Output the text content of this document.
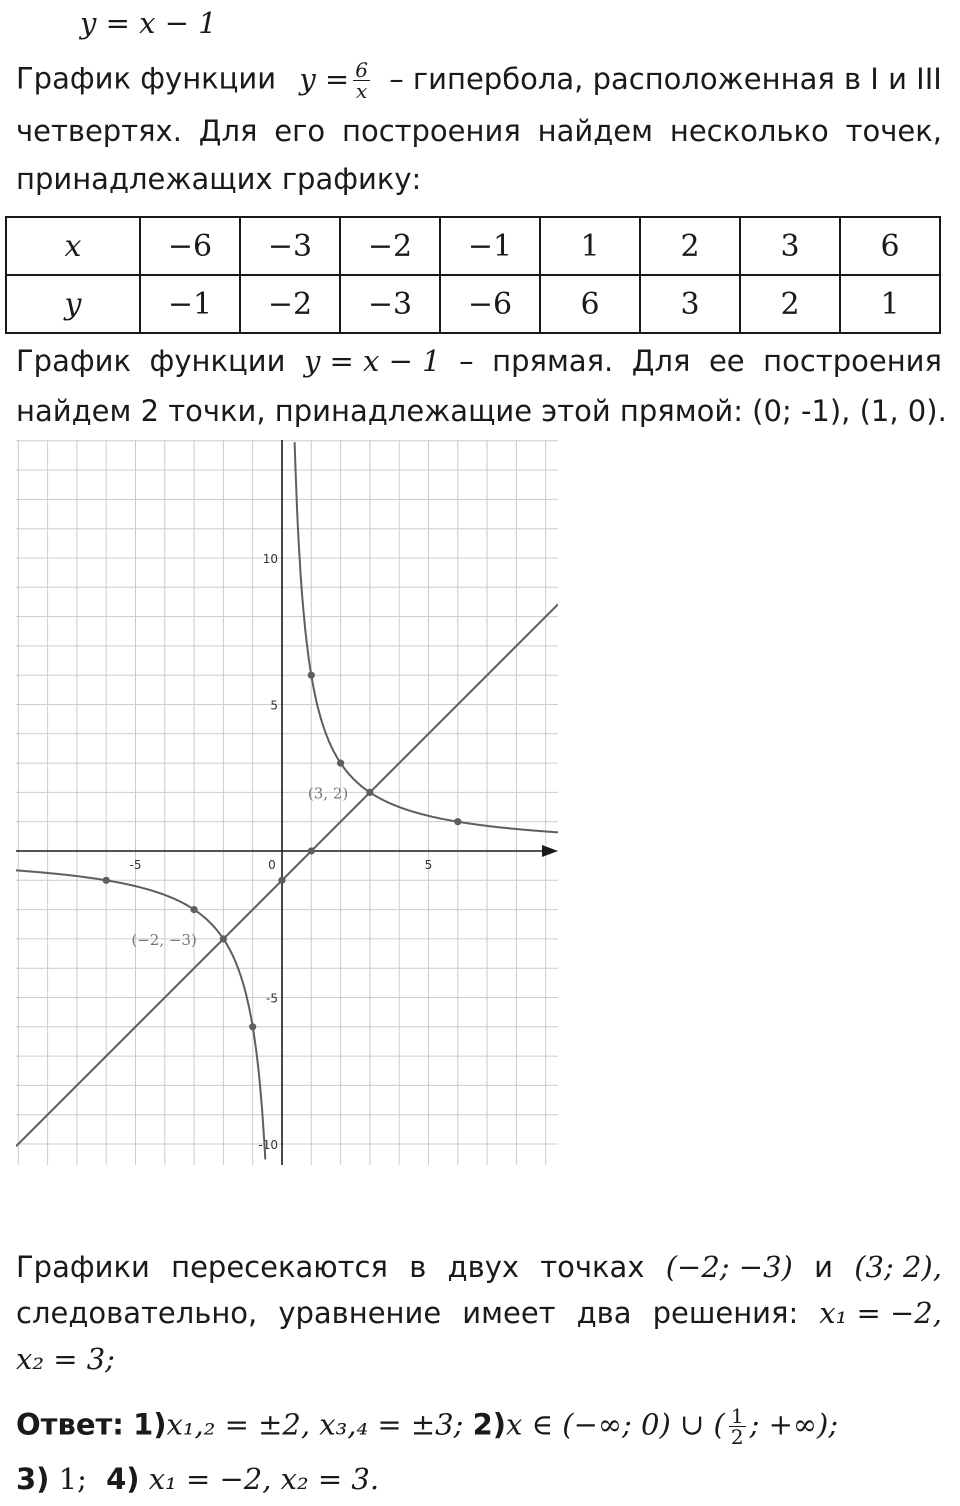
y = x − 1
График функции $y = \frac{6}{x}$ – гипербола, расположенная в I и III
четвертях. Для его построения найдем несколько точек,
принадлежащих графику:
x	−6	−3	−2	−1	1	2	3	6
y	−1	−2	−3	−6	6	3	2	1
График функции y = x − 1 – прямая. Для ее построения
найдем 2 точки, принадлежащие этой прямой: (0; -1), (1, 0).
-5	0	5
10
5
-5
-10
(3, 2)
(−2, −3)
Графики пересекаются в двух точках (−2; −3) и (3; 2),
следовательно, уравнение имеет два решения: x₁ = −2,
x₂ = 3;
Ответ: 1)x₁,₂ = ±2, x₃,₄ = ±3; 2)x ∈ (−∞; 0) ∪ ( $\frac{1}{2}$ ; +∞);
3) 1; 4) x₁ = −2, x₂ = 3.
